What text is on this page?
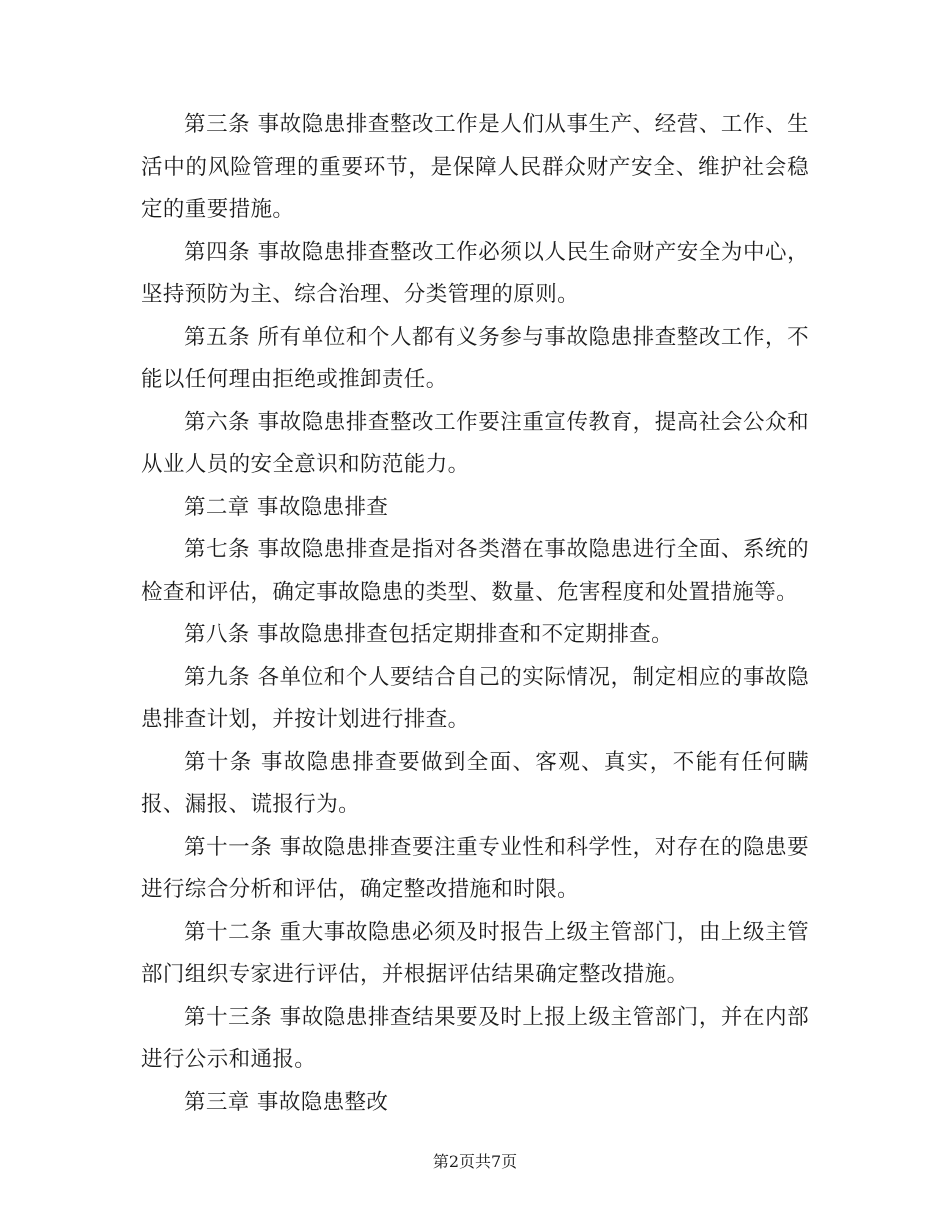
第三条 事故隐患排查整改工作是人们从事生产、经营、工作、生活中的风险管理的重要环节，是保障人民群众财产安全、维护社会稳定的重要措施。

第四条 事故隐患排查整改工作必须以人民生命财产安全为中心，坚持预防为主、综合治理、分类管理的原则。

第五条 所有单位和个人都有义务参与事故隐患排查整改工作，不能以任何理由拒绝或推卸责任。

第六条 事故隐患排查整改工作要注重宣传教育，提高社会公众和从业人员的安全意识和防范能力。

第二章 事故隐患排查

第七条 事故隐患排查是指对各类潜在事故隐患进行全面、系统的检查和评估，确定事故隐患的类型、数量、危害程度和处置措施等。

第八条 事故隐患排查包括定期排查和不定期排查。

第九条 各单位和个人要结合自己的实际情况，制定相应的事故隐患排查计划，并按计划进行排查。

第十条 事故隐患排查要做到全面、客观、真实，不能有任何瞒报、漏报、谎报行为。

第十一条 事故隐患排查要注重专业性和科学性，对存在的隐患要进行综合分析和评估，确定整改措施和时限。

第十二条 重大事故隐患必须及时报告上级主管部门，由上级主管部门组织专家进行评估，并根据评估结果确定整改措施。

第十三条 事故隐患排查结果要及时上报上级主管部门，并在内部进行公示和通报。

第三章 事故隐患整改

第2页共7页
